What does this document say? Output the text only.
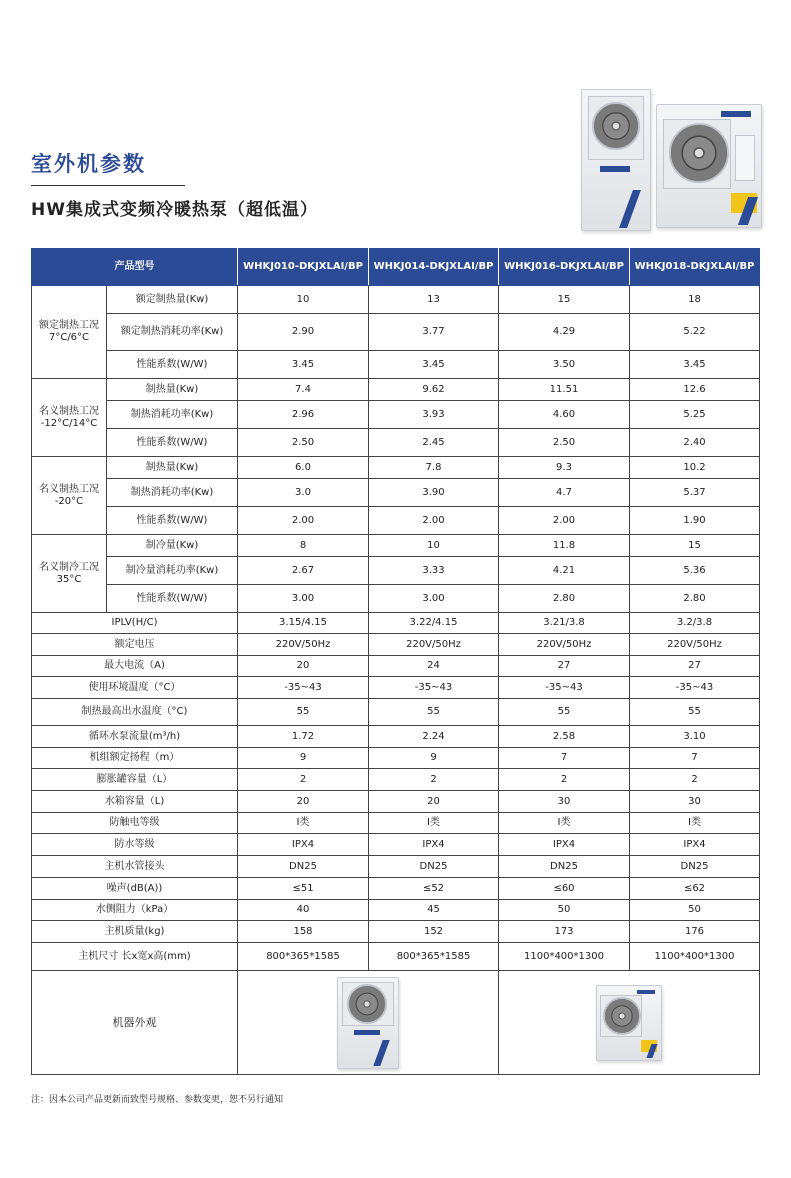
室外机参数
HW集成式变频冷暖热泵（超低温）
产品型号		WHKJ010-DKJXLAI/BP	WHKJ014-DKJXLAI/BP	WHKJ016-DKJXLAI/BP	WHKJ018-DKJXLAI/BP

额定制热工况
7°C/6°C	额定制热量(Kw)	10	13	15	18
	额定制热消耗功率(Kw)	2.90	3.77	4.29	5.22
	性能系数(W/W)	3.45	3.45	3.50	3.45

名义制热工况
-12°C/14°C	制热量(Kw)	7.4	9.62	11.51	12.6
	制热消耗功率(Kw)	2.96	3.93	4.60	5.25
	性能系数(W/W)	2.50	2.45	2.50	2.40

名义制热工况
-20°C	制热量(Kw)	6.0	7.8	9.3	10.2
	制热消耗功率(Kw)	3.0	3.90	4.7	5.37
	性能系数(W/W)	2.00	2.00	2.00	1.90

名义制冷工况
35°C	制冷量(Kw)	8	10	11.8	15
	制冷量消耗功率(Kw)	2.67	3.33	4.21	5.36
	性能系数(W/W)	3.00	3.00	2.80	2.80
IPLV(H/C)		3.15/4.15	3.22/4.15	3.21/3.8	3.2/3.8
额定电压		220V/50Hz	220V/50Hz	220V/50Hz	220V/50Hz
最大电流（A)		20	24	27	27
使用环境温度（°C）		-35~43	-35~43	-35~43	-35~43
制热最高出水温度（°C)		55	55	55	55
循环水泵流量(m³/h)		1.72	2.24	2.58	3.10
机组额定扬程（m）		9	9	7	7
膨胀罐容量（L）		2	2	2	2
水箱容量（L)		20	20	30	30
防触电等级		I类	I类	I类	I类
防水等级		IPX4	IPX4	IPX4	IPX4
主机水管接头		DN25	DN25	DN25	DN25
噪声(dB(A))		≤51	≤52	≤60	≤62
水侧阻力（kPa）		40	45	50	50
主机质量(kg)		158	152	173	176
主机尺寸 长x宽x高(mm)		800*365*1585	800*365*1585	1100*400*1300	1100*400*1300
机器外观				

注：因本公司产品更新而致型号规格、参数变更，恕不另行通知
